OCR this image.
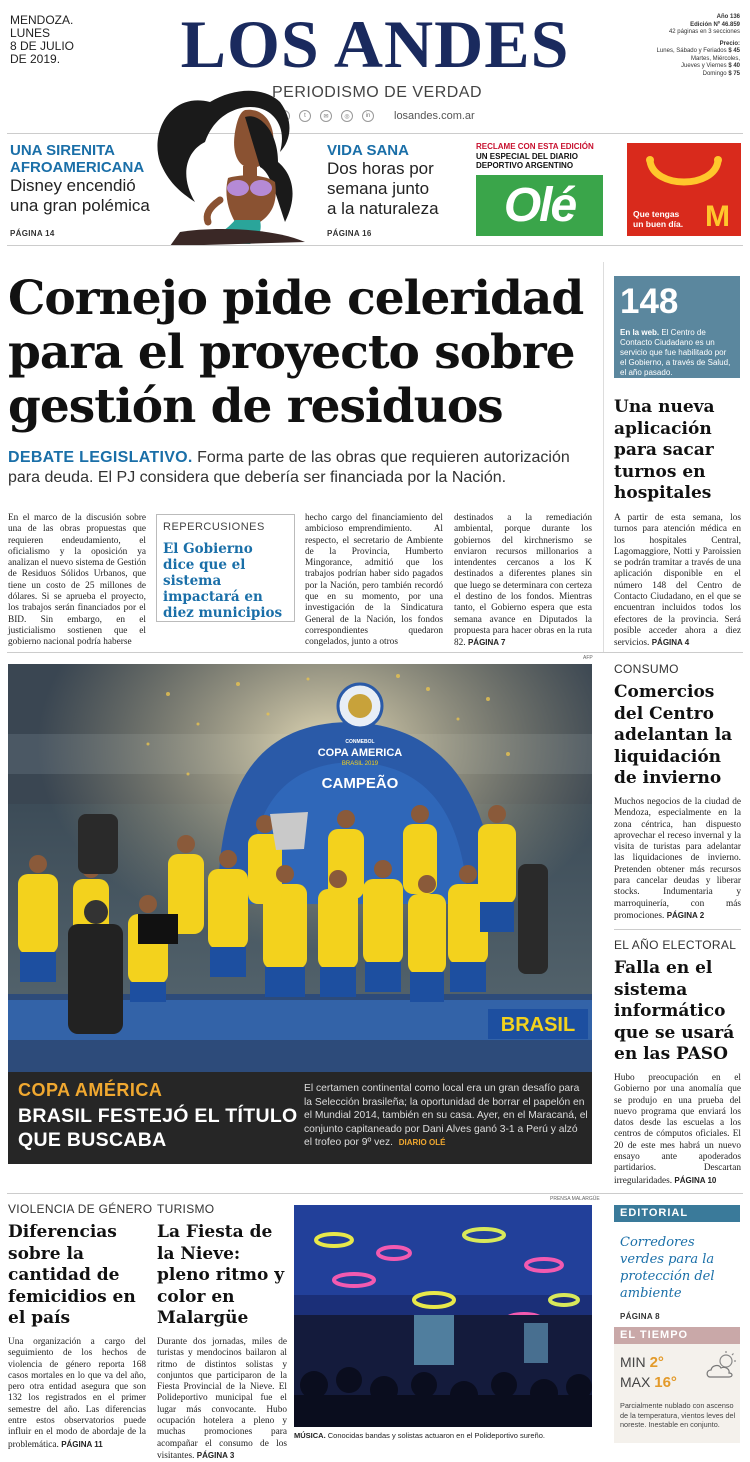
MENDOZA.
LUNES
8 DE JULIO
DE 2019.	LOS ANDES
PERIODISMO DE VERDAD
Año 136
Edición Nº 46.859
42 páginas en 3 secciones
Precio:
Lunes, Sábado y Feriados $ 45
Martes, Miércoles,
Jueves y Viernes $ 40
Domingo $ 75
t	✉	◎	in	losandes.com.ar
UNA SIRENITA
AFROAMERICANA
Disney encendió
una gran polémica
PÁGINA 14
VIDA SANA
Dos horas por
semana junto
a la naturaleza
PÁGINA 16
RECLAME CON ESTA EDICIÓN
UN ESPECIAL DEL DIARIO
DEPORTIVO ARGENTINO
Olé	Que tengas
un buen día. M
Cornejo pide celeridad
para el proyecto sobre
gestión de residuos
DEBATE LEGISLATIVO. Forma parte de las obras que requieren autorización para deuda. El PJ considera que debería ser financiada por la Nación.
En el marco de la discusión sobre una de las obras propuestas que requieren endeudamiento, el oficialismo y la oposición ya analizan el nuevo sistema de Gestión de Residuos Sólidos Urbanos, que tiene un costo de 25 millones de dólares. Si se aprueba el proyecto, los trabajos serán financiados por el BID. Sin embargo, en el justicialismo sostienen que el gobierno nacional podría haberse
REPERCUSIONES
El Gobierno dice que el sistema impactará en diez municipios
hecho cargo del financiamiento del ambicioso emprendimiento.    Al respecto, el secretario de Ambiente de la Provincia, Humberto Mingorance, admitió que los trabajos podrían haber sido pagados por la Nación, pero también recordó que en su momento, por una investigación de la Sindicatura General de la Nación, los fondos correspondientes quedaron congelados, junto a otros
destinados a la remediación ambiental, porque durante los gobiernos del kirchnerismo se enviaron recursos millonarios a intendentes cercanos a los K destinados a diferentes planes sin que luego se determinara con certeza el destino de los fondos. Mientras tanto, el Gobierno espera que esta semana avance en Diputados la propuesta para hacer obras en la ruta 82. PÁGINA 7
148
En la web. El Centro de Contacto Ciudadano es un servicio que fue habilitado por el Gobierno, a través de Salud, el año pasado.
Una nueva aplicación para sacar turnos en hospitales
A partir de esta semana, los turnos para atención médica en los hospitales Central, Lagomaggiore, Notti y Paroissien se podrán tramitar a través de una aplicación disponible en el número 148 del Centro de Contacto Ciudadano, en el que se encuentran incluidos todos los efectores de la provincia. Será posible acceder ahora a diez servicios. PÁGINA 4
CONSUMO
Comercios del Centro adelantan la liquidación de invierno
Muchos negocios de la ciudad de Mendoza, especialmente en la zona céntrica, han dispuesto aprovechar el receso invernal y la visita de turistas para adelantar las liquidaciones de invierno. Pretenden obtener más recursos para cancelar deudas y liberar stocks. Indumentaria y marroquinería, con más promociones. PÁGINA 2
EL AÑO ELECTORAL
Falla en el sistema informático que se usará en las PASO
Hubo preocupación en el Gobierno por una anomalía que se produjo en una prueba del nuevo programa que enviará los datos desde las escuelas a los centros de cómputos oficiales. El 20 de este mes habrá un nuevo ensayo ante apoderados partidarios. Descartan irregularidades. PÁGINA 10
AFP
BRASIL
CONMEBOL
COPA AMERICA
BRASIL 2019
CAMPEÃO
COPA AMÉRICA
BRASIL FESTEJÓ EL TÍTULO QUE BUSCABA
El certamen continental como local era un gran desafío para la Selección brasileña; la oportunidad de borrar el papelón en el Mundial 2014, también en su casa. Ayer, en el Maracaná, el conjunto capitaneado por Dani Alves ganó 3-1 a Perú y alzó el trofeo por 9º vez. DIARIO OLÉ
VIOLENCIA DE GÉNERO
Diferencias sobre la cantidad de femicidios en el país
Una organización a cargo del seguimiento de los hechos de violencia de género reporta 168 casos mortales en lo que va del año, pero otra entidad asegura que son 132 los registrados en el primer semestre del año. Las diferencias entre estos observatorios puede influir en el modo de abordaje de la problemática. PÁGINA 11
TURISMO
La Fiesta de la Nieve: pleno ritmo y color en Malargüe
Durante dos jornadas, miles de turistas y mendocinos bailaron al ritmo de distintos solistas y conjuntos que participaron de la Fiesta Provincial de la Nieve. El Polideportivo municipal fue el lugar más convocante. Hubo ocupación hotelera a pleno y muchas promociones para acompañar el consumo de los visitantes. PÁGINA 3
PRENSA MALARGÜE
MÚSICA. Conocidas bandas y solistas actuaron en el Polideportivo sureño.
EDITORIAL
Corredores verdes para la protección del ambiente
PÁGINA 8
EL TIEMPO
MIN 2°
MAX 16°
Parcialmente nublado con ascenso de la temperatura, vientos leves del noreste. Inestable en conjunto.
